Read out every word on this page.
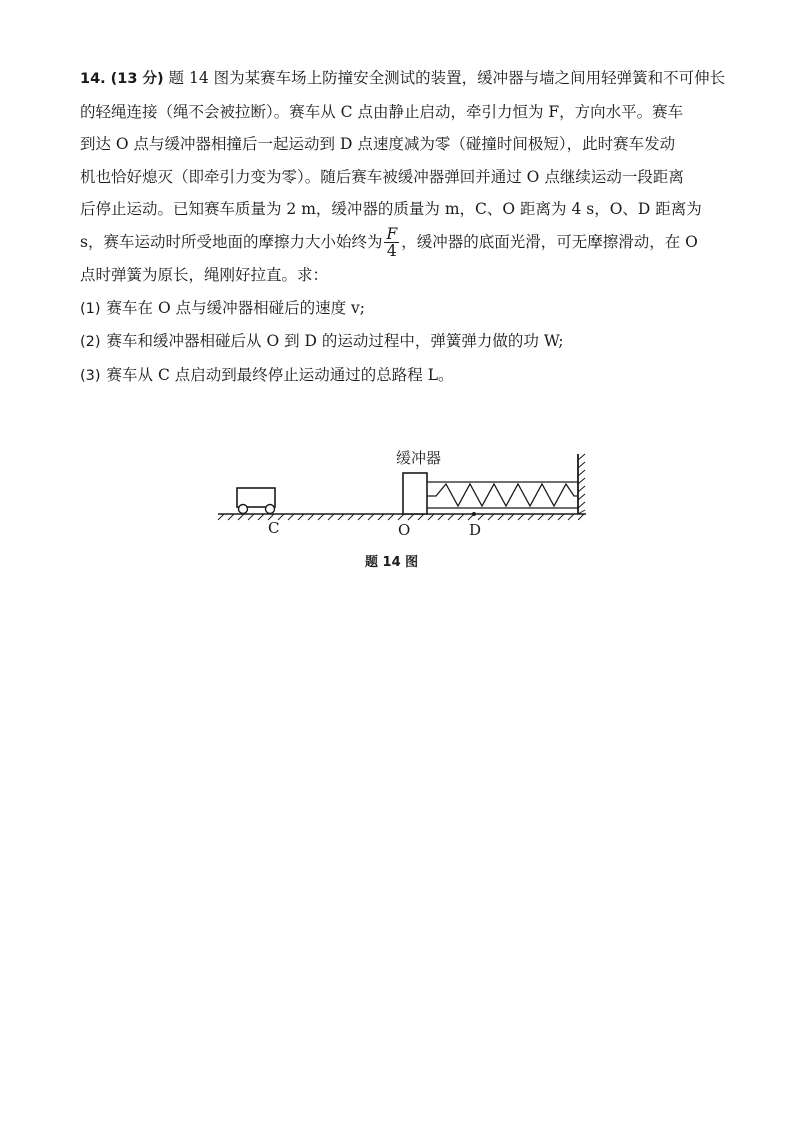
14. (13 分) 题 14 图为某赛车场上防撞安全测试的装置，缓冲器与墙之间用轻弹簧和不可伸长

的轻绳连接（绳不会被拉断）。赛车从 C 点由静止启动，牵引力恒为 F，方向水平。赛车

到达 O 点与缓冲器相撞后一起运动到 D 点速度减为零（碰撞时间极短），此时赛车发动

机也恰好熄灭（即牵引力变为零）。随后赛车被缓冲器弹回并通过 O 点继续运动一段距离

后停止运动。已知赛车质量为 2 m，缓冲器的质量为 m，C、O 距离为 4 s，O、D 距离为

s，赛车运动时所受地面的摩擦力大小始终为 $\frac{F}{4}$ ，缓冲器的底面光滑，可无摩擦滑动，在 O

点时弹簧为原长，绳刚好拉直。求：

(1) 赛车在 O 点与缓冲器相碰后的速度 v;

(2) 赛车和缓冲器相碰后从 O 到 D 的运动过程中，弹簧弹力做的功 W;

(3) 赛车从 C 点启动到最终停止运动通过的总路程 L。

缓冲器
C	O	D
题 14 图
